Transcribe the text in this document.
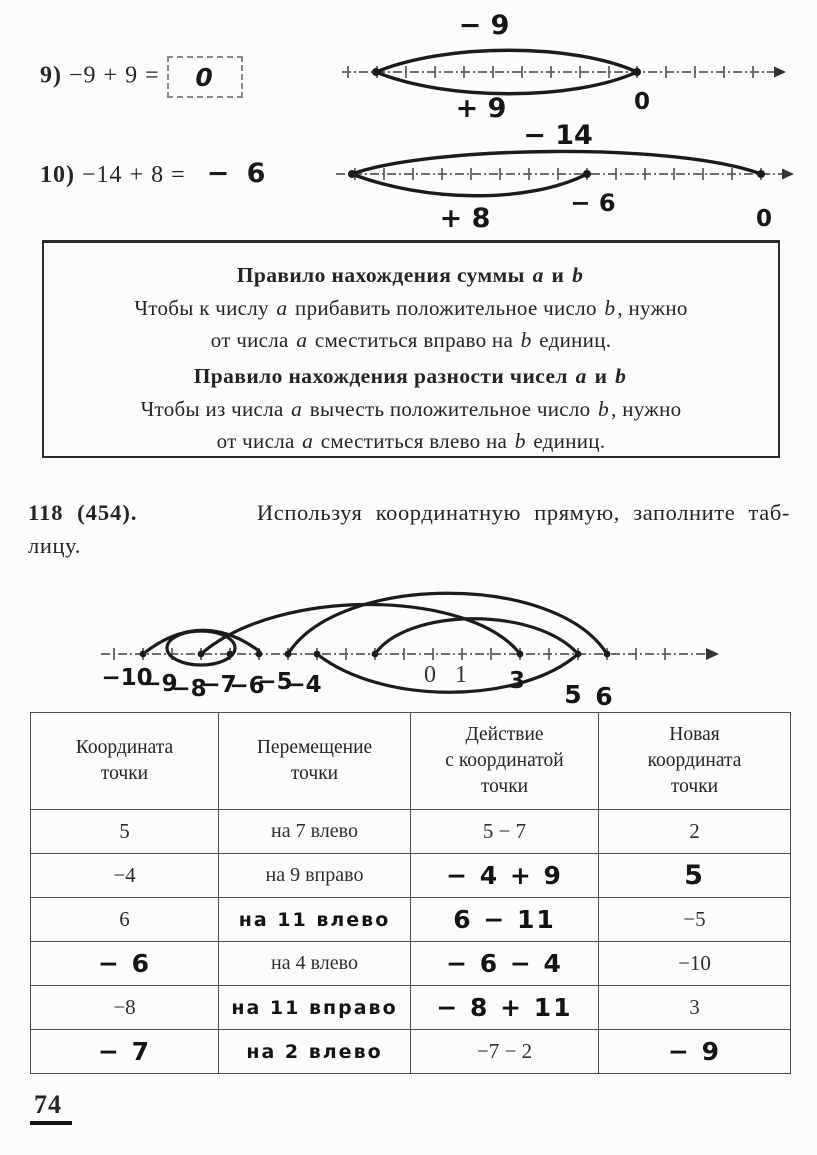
9) −9 + 9 = 0
− 9
+ 9	0
10) −14 + 8 = − 6
− 14
+ 8	− 6
0
Правило нахождения суммы a и b
Чтобы к числу a прибавить положительное число b, нужно
от числа a сместиться вправо на b единиц.
Правило нахождения разности чисел a и b
Чтобы из числа a вычесть положительное число b, нужно
от числа a сместиться влево на b единиц.
118 (454).	Используя координатную прямую, заполните таб-
лицу.
−10
−9
−8
−7
−6
−5
−4	0 1 3 5 6
Координата
точки

Перемещение
точки

Действие
с координатой
точки

Новая
координата
точки

5	на 7 влево	5 − 7	2
−4	на 9 вправо	− 4 + 9	5
6	на 11 влево	6 − 11	−5
− 6	на 4 влево	− 6 − 4	−10
−8	на 11 вправо	− 8 + 11	3
− 7	на 2 влево	−7 − 2	− 9
74
